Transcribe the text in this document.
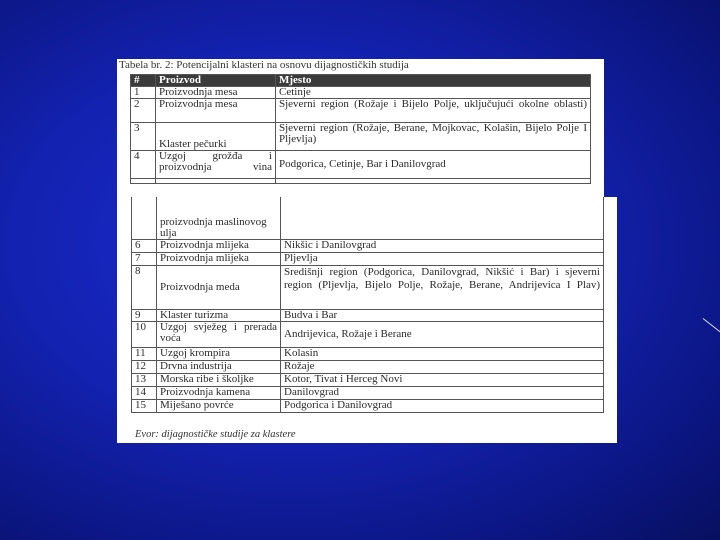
Tabela br. 2: Potencijalni klasteri na osnovu dijagnostičkih studija
#	Proizvod	Mjesto
1	Proizvodnja mesa	Cetinje
2	Proizvodnja mesa	Sjeverni region (Rožaje i Bijelo Polje, uključujući okolne oblasti)
3	Klaster pečurki	Sjeverni region (Rožaje, Berane, Mojkovac, Kolašin, Bijelo Polje I Pljevlja)
4	Uzgoj grožđa i proizvodnja vina	Podgorica, Cetinje, Bar i Danilovgrad

	proizvodnja maslinovog ulja	
6	Proizvodnja mlijeka	Nikšic i Danilovgrad
7	Proizvodnja mlijeka	Pljevlja
8	Proizvodnja meda	Središnji region (Podgorica, Danilovgrad, Nikšić i Bar) i sjeverni region (Pljevlja, Bijelo Polje, Rožaje, Berane, Andrijevica I Plav)
9	Klaster turizma	Budva i Bar
10	Uzgoj svježeg i prerada voća	Andrijevica, Rožaje i Berane
11	Uzgoj krompira	Kolasin
12	Drvna industrija	Rožaje
13	Morska ribe i školjke	Kotor, Tivat i Herceg Novi
14	Proizvodnja kamena	Danilovgrad
15	Miješano povrće	Podgorica i Danilovgrad
Evor: dijagnostičke studije za klastere
